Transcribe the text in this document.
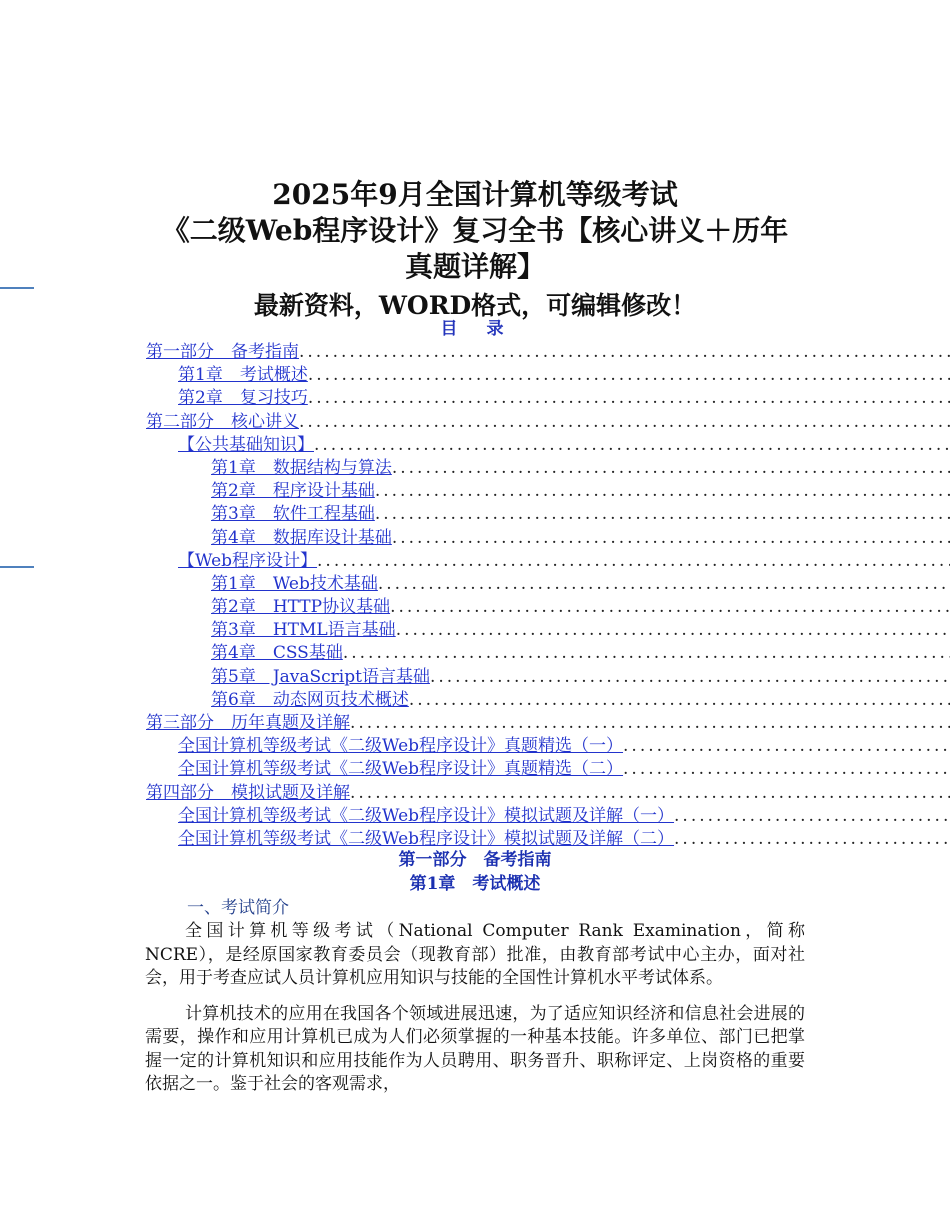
2025年9月全国计算机等级考试
《二级Web程序设计》复习全书【核心讲义＋历年
真题详解】
最新资料，WORD格式，可编辑修改！
目　录
第一部分　备考指南
.....
第1章　考试概述
.....
第2章　复习技巧
.....
第二部分　核心讲义
.....
【公共基础知识】
.....
第1章　数据结构与算法
.....
第2章　程序设计基础
.....
第3章　软件工程基础
.....
第4章　数据库设计基础
.....
【Web程序设计】
.....
第1章　Web技术基础
.....
第2章　HTTP协议基础
.....
第3章　HTML语言基础
.....
第4章　CSS基础
.....
第5章　JavaScript语言基础
.....
第6章　动态网页技术概述
.....
第三部分　历年真题及详解
.....
全国计算机等级考试《二级Web程序设计》真题精选（一）
.....
全国计算机等级考试《二级Web程序设计》真题精选（二）
.....
第四部分　模拟试题及详解
.....
全国计算机等级考试《二级Web程序设计》模拟试题及详解（一）
.....
全国计算机等级考试《二级Web程序设计》模拟试题及详解（二）
.....
第一部分　备考指南
第1章　考试概述
一、考试简介

全国计算机等级考试（National Computer Rank Examination，简称NCRE），是经原国家教育委员会（现教育部）批准，由教育部考试中心主办，面对社会，用于考查应试人员计算机应用知识与技能的全国性计算机水平考试体系。

计算机技术的应用在我国各个领域进展迅速，为了适应知识经济和信息社会进展的需要，操作和应用计算机已成为人们必须掌握的一种基本技能。许多单位、部门已把掌握一定的计算机知识和应用技能作为人员聘用、职务晋升、职称评定、上岗资格的重要依据之一。鉴于社会的客观需求，
